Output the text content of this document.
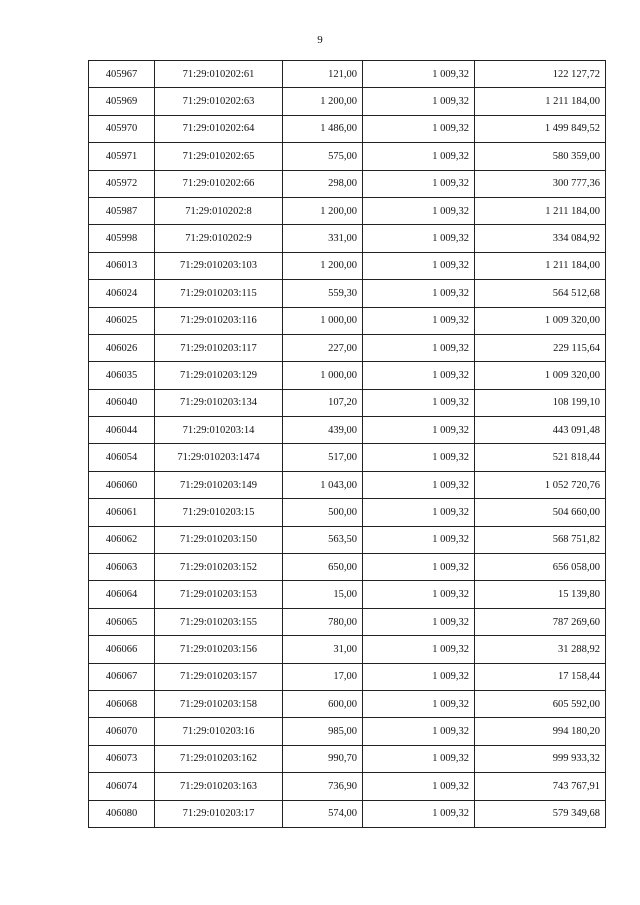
9
405967	71:29:010202:61	121,00	1 009,32	122 127,72
405969	71:29:010202:63	1 200,00	1 009,32	1 211 184,00
405970	71:29:010202:64	1 486,00	1 009,32	1 499 849,52
405971	71:29:010202:65	575,00	1 009,32	580 359,00
405972	71:29:010202:66	298,00	1 009,32	300 777,36
405987	71:29:010202:8	1 200,00	1 009,32	1 211 184,00
405998	71:29:010202:9	331,00	1 009,32	334 084,92
406013	71:29:010203:103	1 200,00	1 009,32	1 211 184,00
406024	71:29:010203:115	559,30	1 009,32	564 512,68
406025	71:29:010203:116	1 000,00	1 009,32	1 009 320,00
406026	71:29:010203:117	227,00	1 009,32	229 115,64
406035	71:29:010203:129	1 000,00	1 009,32	1 009 320,00
406040	71:29:010203:134	107,20	1 009,32	108 199,10
406044	71:29:010203:14	439,00	1 009,32	443 091,48
406054	71:29:010203:1474	517,00	1 009,32	521 818,44
406060	71:29:010203:149	1 043,00	1 009,32	1 052 720,76
406061	71:29:010203:15	500,00	1 009,32	504 660,00
406062	71:29:010203:150	563,50	1 009,32	568 751,82
406063	71:29:010203:152	650,00	1 009,32	656 058,00
406064	71:29:010203:153	15,00	1 009,32	15 139,80
406065	71:29:010203:155	780,00	1 009,32	787 269,60
406066	71:29:010203:156	31,00	1 009,32	31 288,92
406067	71:29:010203:157	17,00	1 009,32	17 158,44
406068	71:29:010203:158	600,00	1 009,32	605 592,00
406070	71:29:010203:16	985,00	1 009,32	994 180,20
406073	71:29:010203:162	990,70	1 009,32	999 933,32
406074	71:29:010203:163	736,90	1 009,32	743 767,91
406080	71:29:010203:17	574,00	1 009,32	579 349,68
